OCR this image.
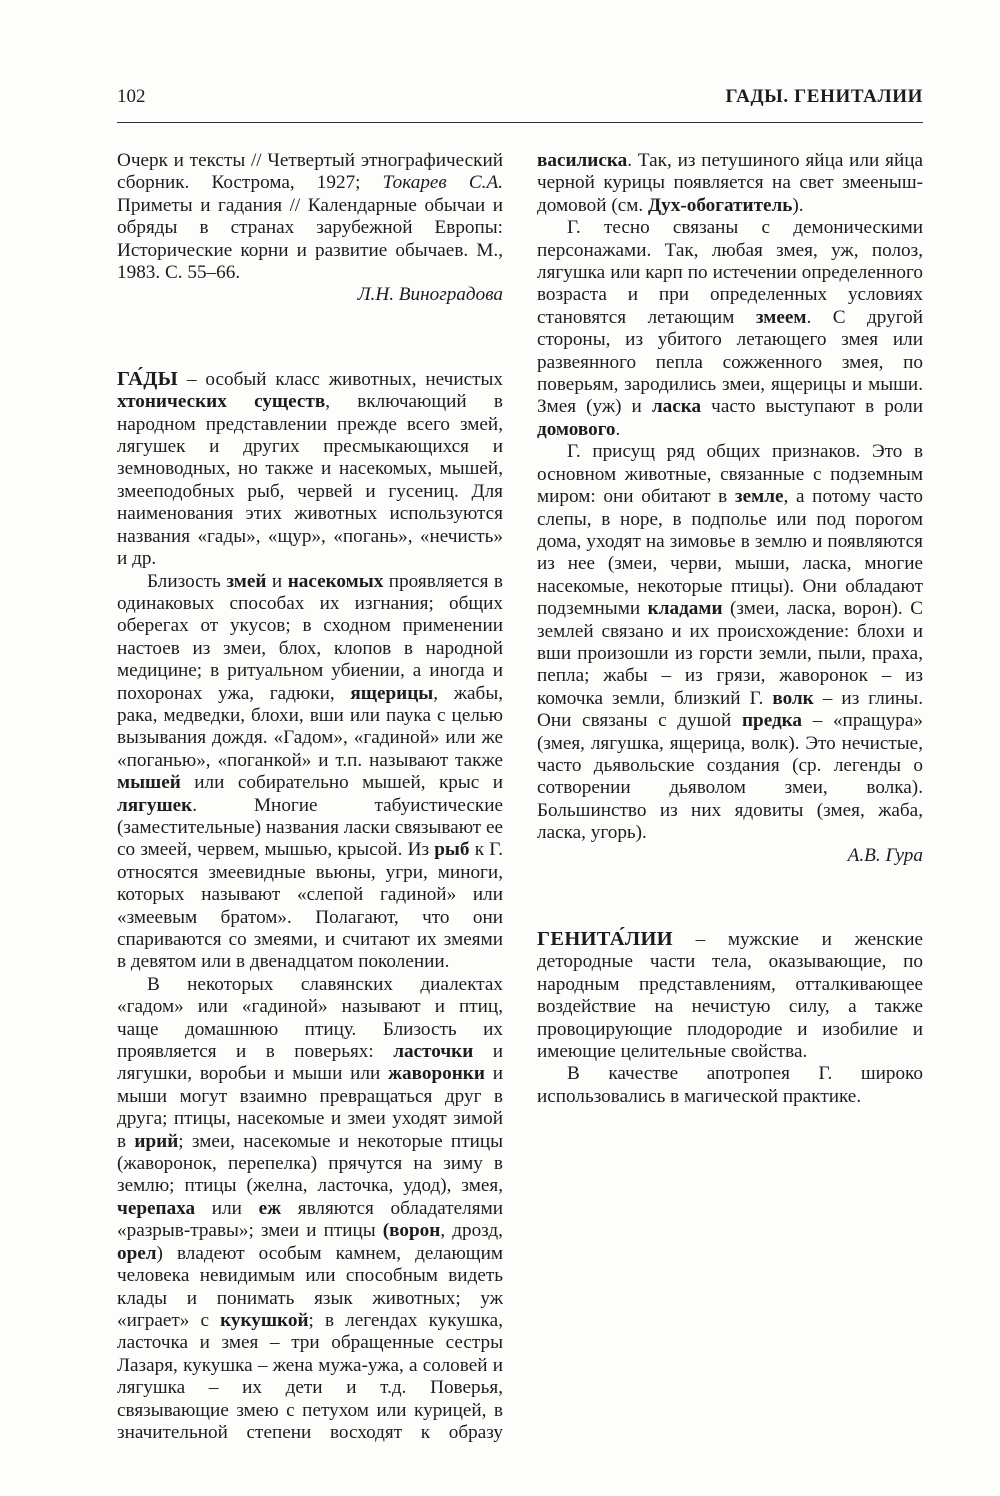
102	ГАДЫ. ГЕНИТАЛИИ

Очерк и тексты // Четвертый этнографический сборник. Кострома, 1927; Токарев С.А. Приметы и гадания // Календарные обычаи и обряды в странах зарубежной Европы: Исторические корни и развитие обычаев. М., 1983. С. 55–66.

Л.Н. Виноградова

ГА́ДЫ – особый класс животных, нечистых хтонических существ, включающий в народном представлении прежде всего змей, лягушек и других пресмыкающихся и земноводных, но также и насекомых, мышей, змееподобных рыб, червей и гусениц. Для наименования этих животных используются названия «гады», «щур», «погань», «нечисть» и др.

Близость змей и насекомых проявляется в одинаковых способах их изгнания; общих оберегах от укусов; в сходном применении настоев из змеи, блох, клопов в народной медицине; в ритуальном убиении, а иногда и похоронах ужа, гадюки, ящерицы, жабы, рака, медведки, блохи, вши или паука с целью вызывания дождя. «Гадом», «гадиной» или же «поганью», «поганкой» и т.п. называют также мышей или собирательно мышей, крыс и лягушек. Многие табуистические (заместительные) названия ласки связывают ее со змеей, червем, мышью, крысой. Из рыб к Г. относятся змеевидные вьюны, угри, миноги, которых называют «слепой гадиной» или «змеевым братом». Полагают, что они спариваются со змеями, и считают их змеями в девятом или в двенадцатом поколении.

В некоторых славянских диалектах «гадом» или «гадиной» называют и птиц, чаще домашнюю птицу. Близость их проявляется и в поверьях: ласточки и лягушки, воробьи и мыши или жаворонки и мыши могут взаимно превращаться друг в друга; птицы, насекомые и змеи уходят зимой в ирий; змеи, насекомые и некоторые птицы (жаворонок, перепелка) прячутся на зиму в землю; птицы (желна, ласточка, удод), змея, черепаха или еж являются обладателями «разрыв-травы»; змеи и птицы (ворон, дрозд, орел) владеют особым камнем, делающим человека невидимым или способным видеть клады и понимать язык животных; уж «играет» с кукушкой; в легендах кукушка, ласточка и змея – три обращенные сестры Лазаря, кукушка – жена мужа-ужа, а соловей и лягушка – их дети и т.д. Поверья, связывающие змею с петухом или курицей, в значительной степени восходят к образу василиска. Так, из петушиного яйца или яйца черной курицы появляется на свет змееныш-домовой (см. Дух-обогатитель).

Г. тесно связаны с демоническими персонажами. Так, любая змея, уж, полоз, лягушка или карп по истечении определенного возраста и при определенных условиях становятся летающим змеем. С другой стороны, из убитого летающего змея или развеянного пепла сожженного змея, по поверьям, зародились змеи, ящерицы и мыши. Змея (уж) и ласка часто выступают в роли домового.

Г. присущ ряд общих признаков. Это в основном животные, связанные с подземным миром: они обитают в земле, а потому часто слепы, в норе, в подполье или под порогом дома, уходят на зимовье в землю и появляются из нее (змеи, черви, мыши, ласка, многие насекомые, некоторые птицы). Они обладают подземными кладами (змеи, ласка, ворон). С землей связано и их происхождение: блохи и вши произошли из горсти земли, пыли, праха, пепла; жабы – из грязи, жаворонок – из комочка земли, близкий Г. волк – из глины. Они связаны с душой предка – «пращура» (змея, лягушка, ящерица, волк). Это нечистые, часто дьявольские создания (ср. легенды о сотворении дьяволом змеи, волка). Большинство из них ядовиты (змея, жаба, ласка, угорь).

А.В. Гура

ГЕНИТА́ЛИИ – мужские и женские детородные части тела, оказывающие, по народным представлениям, отталкивающее воздействие на нечистую силу, а также провоцирующие плодородие и изобилие и имеющие целительные свойства.

В качестве апотропея Г. широко использовались в магической практике.
